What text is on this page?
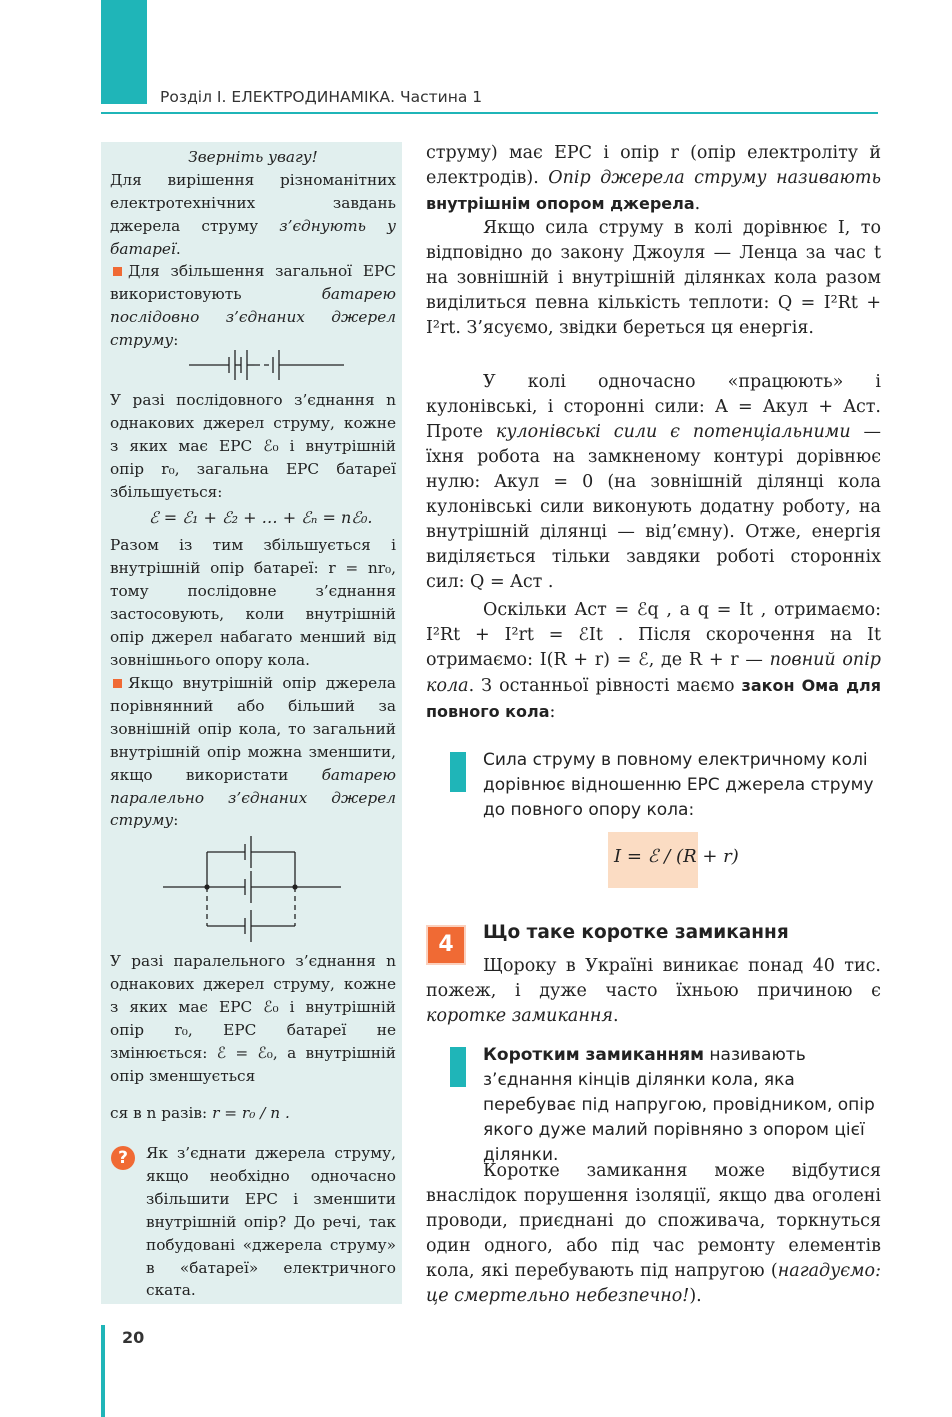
Розділ I. ЕЛЕКТРОДИНАМІКА. Частина 1

Зверніть увагу!

Для вирішення різноманітних електротехнічних завдань джерела струму з’єднують у батареї.

Для збільшення загальної ЕРС використовують батарею послідовно з’єднаних джерел струму:

У разі послідовного з’єднання n однакових джерел струму, кожне з яких має ЕРС ℰ₀ і внутрішній опір r₀, загальна ЕРС батареї збільшується:
ℰ = ℰ₁ + ℰ₂ + … + ℰₙ = nℰ₀.
Разом із тим збільшується і внутрішній опір батареї: r = nr₀, тому послідовне з’єднання застосовують, коли внутрішній опір джерел набагато менший від зовнішнього опору кола.

Якщо внутрішній опір джерела порівнянний або більший за зовнішній опір кола, то загальний внутрішній опір можна зменшити, якщо використати батарею паралельно з’єднаних джерел струму:

У разі паралельного з’єднання n однакових джерел струму, кожне з яких має ЕРС ℰ₀ і внутрішній опір r₀, ЕРС батареї не змінюється: ℰ = ℰ₀, а внутрішній опір зменшується
ся в n разів: r = r₀ / n .
?	Як з’єднати джерела струму, якщо необхідно одночасно збільшити ЕРС і зменшити внутрішній опір? До речі, так побудовані «джерела струму» в «батареї» електричного ската.

струму) має ЕРС і опір r (опір електроліту й електродів). Опір джерела струму називають внутрішнім опором джерела.

Якщо сила струму в колі дорівнює I, то відповідно до закону Джоуля — Ленца за час t на зовнішній і внутрішній ділянках кола разом виділиться певна кількість теплоти: Q = I²Rt + I²rt. З’ясуємо, звідки береться ця енергія.

У колі одночасно «працюють» і кулонівські, і сторонні сили: A = Aкул + Aст. Проте кулонівські сили є потенціальними — їхня робота на замкненому контурі дорівнює нулю: Aкул = 0 (на зовнішній ділянці кола кулонівські сили виконують додатну роботу, на внутрішній ділянці — від’ємну). Отже, енергія виділяється тільки завдяки роботі сторонніх сил: Q = Aст .

Оскільки Aст = ℰq , а q = It , отримаємо: I²Rt + I²rt = ℰIt . Після скорочення на It отримаємо: I(R + r) = ℰ, де R + r — повний опір кола. З останньої рівності маємо закон Ома для повного кола:

Сила струму в повному електричному колі дорівнює відношенню ЕРС джерела струму до повного опору кола:

I = ℰ / (R + r)
4	Що таке коротке замикання

Щороку в Україні виникає понад 40 тис. пожеж, і дуже часто їхньою причиною є коротке замикання.

Коротким замиканням називають з’єднання кінців ділянки кола, яка перебуває під напругою, провідником, опір якого дуже малий порівняно з опором цієї ділянки.

Коротке замикання може відбутися внаслідок порушення ізоляції, якщо два оголені проводи, приєднані до споживача, торкнуться один одного, або під час ремонту елементів кола, які перебувають під напругою (нагадуємо: це смертельно небезпечно!).

20
